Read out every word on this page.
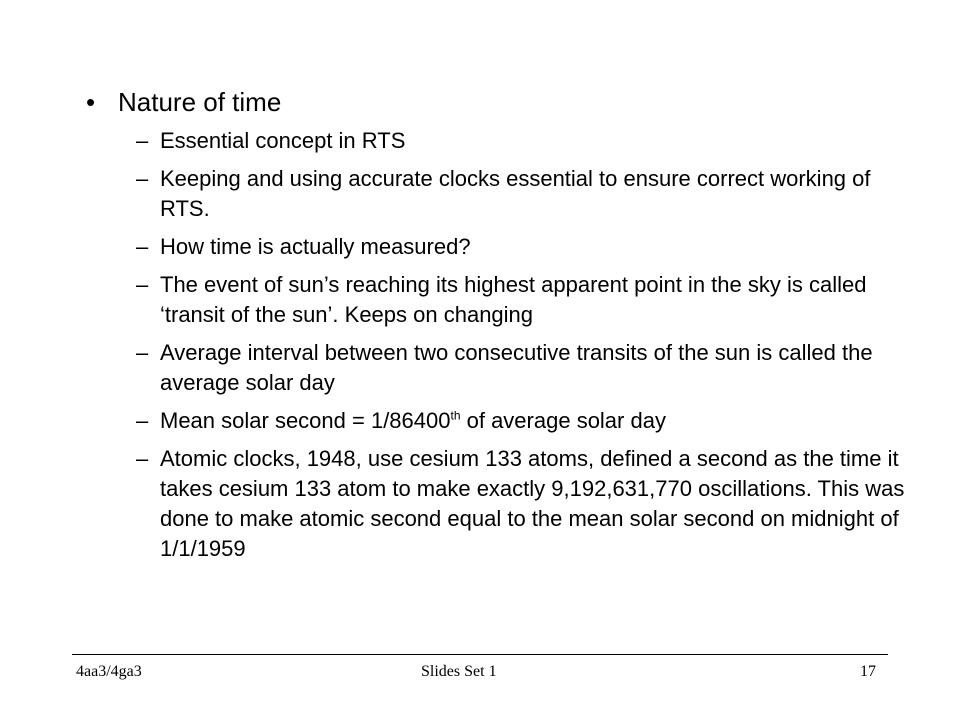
• Nature of time
– Essential concept in RTS
– Keeping and using accurate clocks essential to ensure correct working of RTS.
– How time is actually measured?
– The event of sun’s reaching its highest apparent point in the sky is called ‘transit of the sun’. Keeps on changing
– Average interval between two consecutive transits of the sun is called the average solar day
– Mean solar second = 1/86400th of average solar day
– Atomic clocks, 1948, use cesium 133 atoms, defined a second as the time it takes cesium 133 atom to make exactly 9,192,631,770 oscillations. This was done to make atomic second equal to the mean solar second on midnight of 1/1/1959
4aa3/4ga3	Slides Set 1	17
